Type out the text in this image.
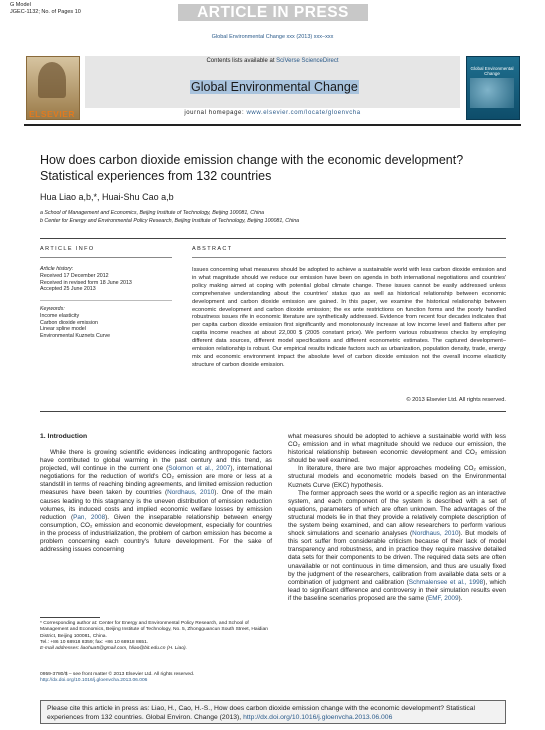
G Model
JGEC-1132; No. of Pages 10	ARTICLE IN PRESS
Global Environmental Change xxx (2013) xxx–xxx
ELSEVIER
Contents lists available at SciVerse ScienceDirect
Global Environmental Change
journal homepage: www.elsevier.com/locate/gloenvcha
Global Environmental Change
How does carbon dioxide emission change with the economic development? Statistical experiences from 132 countries
Hua Liao a,b,*, Huai-Shu Cao a,b
a School of Management and Economics, Beijing Institute of Technology, Beijing 100081, China
b Center for Energy and Environmental Policy Research, Beijing Institute of Technology, Beijing 100081, China
ARTICLE INFO	ABSTRACT
Article history:
Received 17 December 2012
Received in revised form 18 June 2013
Accepted 25 June 2013
Keywords:
Income elasticity
Carbon dioxide emission
Linear spline model
Environmental Kuznets Curve
Issues concerning what measures should be adopted to achieve a sustainable world with less carbon dioxide emission and in what magnitude should we reduce our emission have been on agenda in both international negotiations and countries' policy making aimed at coping with potential global climate change. These issues cannot be easily addressed unless comprehensive understanding about the countries' status quo as well as historical relationship between economic development and carbon dioxide emission are gained. In this paper, we examine the historical relationship between economic development and carbon dioxide emission; the ex ante restrictions on function forms and the poorly handled robustness issues rife in economic literature are synthetically addressed. Evidence from recent four decades indicates that per capita carbon dioxide emission first significantly and monotonously increase at low income level and flattens after per capita income reaches at about 22,000 $ (2005 constant price). We perform various robustness checks by employing different data sources, different model specifications and different econometric estimates. The captured development–emission relationship is robust. Our empirical results indicate factors such as urbanization, population density, trade, energy mix and economic environment impact the absolute level of carbon dioxide emission not the overall income elasticity structure of carbon dioxide emission.
© 2013 Elsevier Ltd. All rights reserved.
1. Introduction

While there is growing scientific evidences indicating anthropogenic factors have contributed to global warming in the past century and this trend, as projected, will continue in the current one (Solomon et al., 2007), international negotiations for the reduction of world's CO₂ emission are more or less at a standstill in terms of reaching binding agreements, and limited emission reduction measures have been taken by countries (Nordhaus, 2010). One of the main causes leading to this stagnancy is the uneven distribution of emission reduction volumes, its induced costs and implied economic welfare losses by emission reduction (Pan, 2008). Given the inseparable relationship between energy consumption, CO₂ emission and economic development, especially for countries in the process of industrialization, the problem of carbon emission has become a problem concerning each country's future development. For the sake of addressing issues concerning

what measures should be adopted to achieve a sustainable world with less CO₂ emission and in what magnitude should we reduce our emission, the historical relationship between economic development and CO₂ emission should be well examined.

In literature, there are two major approaches modeling CO₂ emission, structural models and econometric models based on the Environmental Kuznets Curve (EKC) hypothesis.

The former approach sees the world or a specific region as an interactive system, and each component of the system is described with a set of equations, parameters of which are often unknown. The advantages of the structural models lie in that they provide a relatively complete description of the system being examined, and can allow researchers to perform various shock simulations and scenario analyses (Nordhaus, 2010). But models of this sort suffer from considerable criticism because of their lack of model transparency and robustness, and in practice they require massive detailed data sets for their components to be driven. The required data sets are often unavailable or not continuous in time dimension, and thus are usually fixed by the judgment of the researchers, calibration from available data sets or a combination of judgment and calibration (Schmalensee et al., 1998), which lead to significant difference and controversy in their simulation results even if the baseline scenarios proposed are the same (EMF, 2009).

* Corresponding author at: Center for Energy and Environmental Policy Research, and School of Management and Economics, Beijing Institute of Technology, No. 5, Zhongguancun South Street, Haidian District, Beijing 100081, China.
Tel.: +86 10 68918 8359; fax: +86 10 68918 8651.
E-mail addresses: liaohua5@gmail.com, hliao@bit.edu.cn (H. Liao).
0959-3780/$ – see front matter © 2013 Elsevier Ltd. All rights reserved.
http://dx.doi.org/10.1016/j.gloenvcha.2013.06.006
Please cite this article in press as: Liao, H., Cao, H.-S., How does carbon dioxide emission change with the economic development? Statistical experiences from 132 countries. Global Environ. Change (2013), http://dx.doi.org/10.1016/j.gloenvcha.2013.06.006
